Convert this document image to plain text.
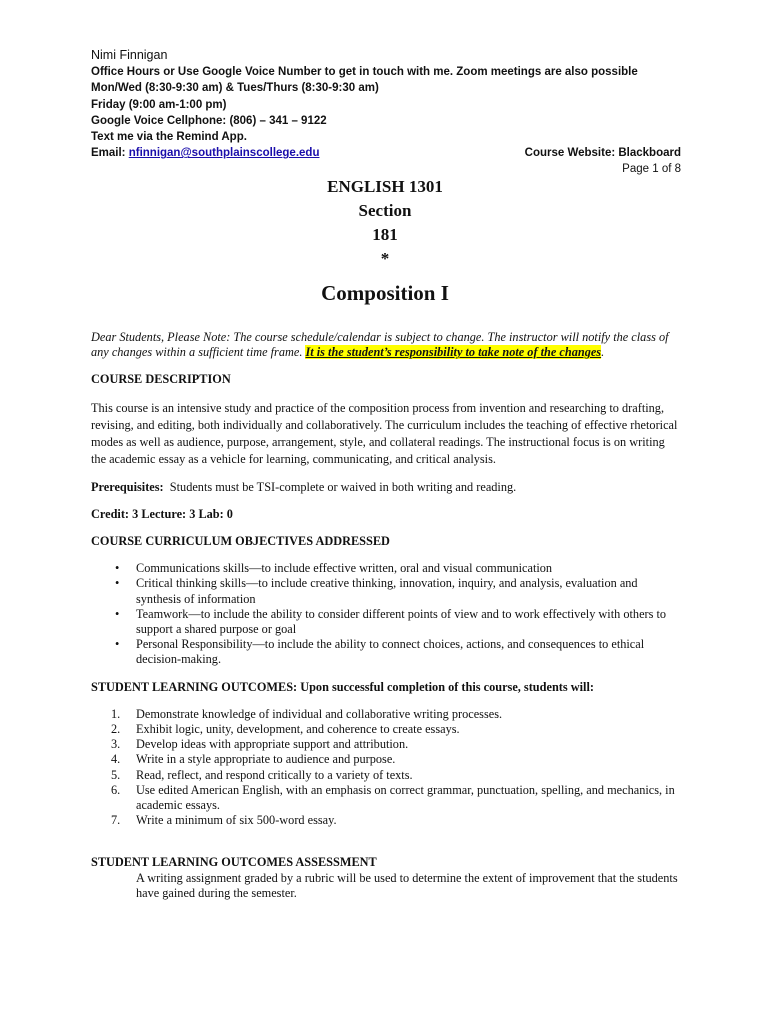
Nimi Finnigan
Office Hours or Use Google Voice Number to get in touch with me. Zoom meetings are also possible
Mon/Wed (8:30-9:30 am) & Tues/Thurs (8:30-9:30 am)
Friday (9:00 am-1:00 pm)
Google Voice Cellphone: (806) – 341 – 9122
Text me via the Remind App.
Email: nfinnigan@southplainscollege.edu	Course Website: Blackboard
Page 1 of 8
ENGLISH 1301
Section
181
*
Composition I

Dear Students, Please Note: The course schedule/calendar is subject to change. The instructor will notify the class of any changes within a sufficient time frame. It is the student’s responsibility to take note of the changes.

COURSE DESCRIPTION

This course is an intensive study and practice of the composition process from invention and researching to drafting, revising, and editing, both individually and collaboratively. The curriculum includes the teaching of effective rhetorical modes as well as audience, purpose, arrangement, style, and collateral readings. The instructional focus is on writing the academic essay as a vehicle for learning, communicating, and critical analysis.

Prerequisites: Students must be TSI-complete or waived in both writing and reading.

Credit: 3 Lecture: 3 Lab: 0

COURSE CURRICULUM OBJECTIVES ADDRESSED
• Communications skills—to include effective written, oral and visual communication
• Critical thinking skills—to include creative thinking, innovation, inquiry, and analysis, evaluation and synthesis of information
• Teamwork—to include the ability to consider different points of view and to work effectively with others to support a shared purpose or goal
• Personal Responsibility—to include the ability to connect choices, actions, and consequences to ethical decision-making.
STUDENT LEARNING OUTCOMES: Upon successful completion of this course, students will:
1. Demonstrate knowledge of individual and collaborative writing processes.
2. Exhibit logic, unity, development, and coherence to create essays.
3. Develop ideas with appropriate support and attribution.
4. Write in a style appropriate to audience and purpose.
5. Read, reflect, and respond critically to a variety of texts.
6. Use edited American English, with an emphasis on correct grammar, punctuation, spelling, and mechanics, in academic essays.
7. Write a minimum of six 500-word essay.
STUDENT LEARNING OUTCOMES ASSESSMENT

A writing assignment graded by a rubric will be used to determine the extent of improvement that the students have gained during the semester.
